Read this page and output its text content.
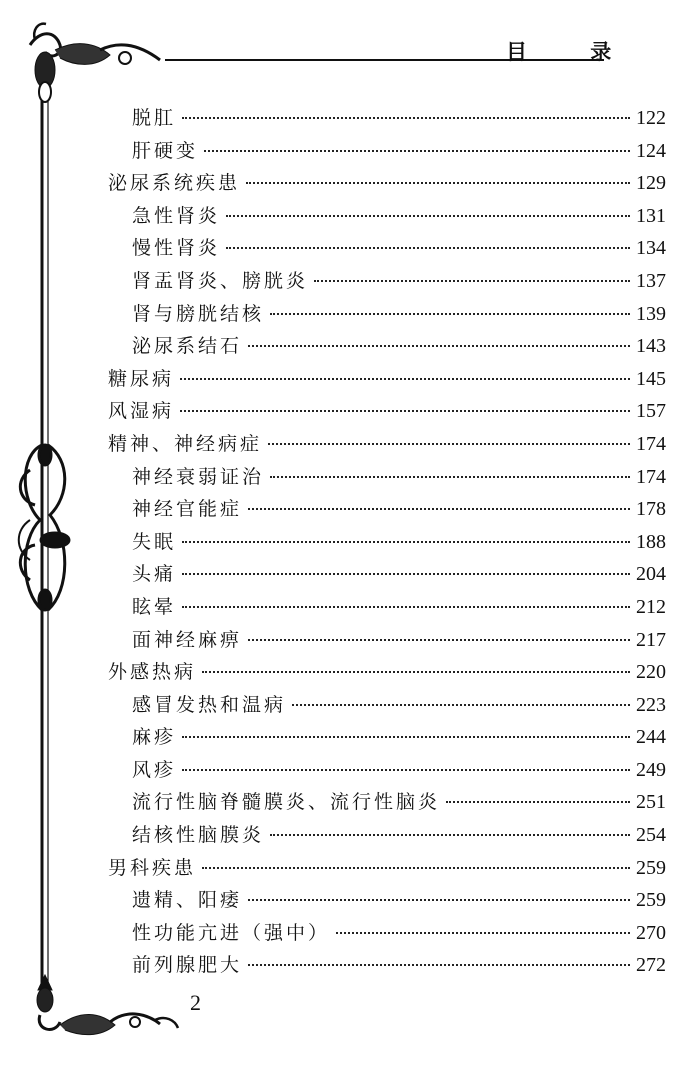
目 录
脱肛	122
肝硬变	124
泌尿系统疾患	129
急性肾炎	131
慢性肾炎	134
肾盂肾炎、膀胱炎	137
肾与膀胱结核	139
泌尿系结石	143
糖尿病	145
风湿病	157
精神、神经病症	174
神经衰弱证治	174
神经官能症	178
失眠	188
头痛	204
眩晕	212
面神经麻痹	217
外感热病	220
感冒发热和温病	223
麻疹	244
风疹	249
流行性脑脊髓膜炎、流行性脑炎	251
结核性脑膜炎	254
男科疾患	259
遗精、阳痿	259
性功能亢进（强中）	270
前列腺肥大	272
2
